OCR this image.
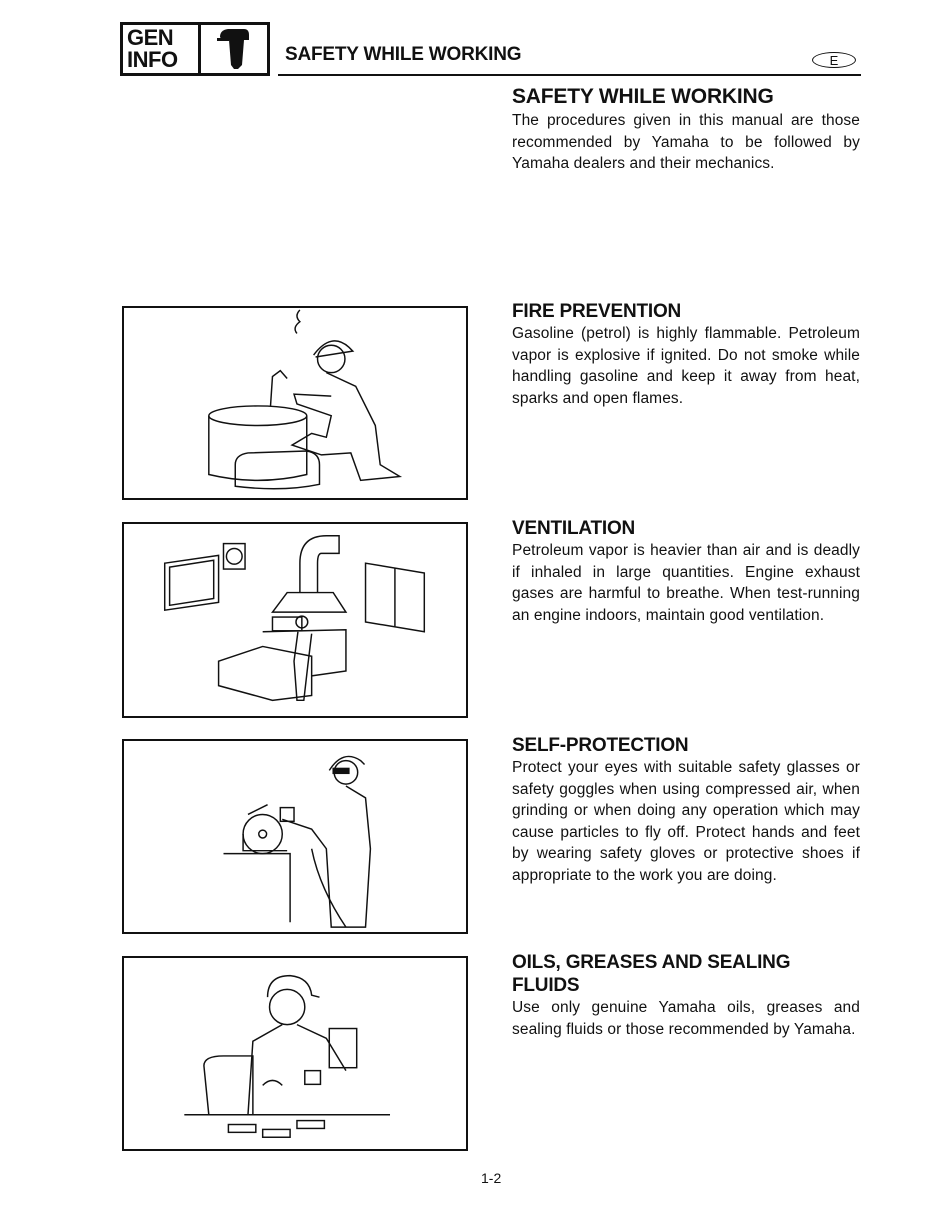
GEN
INFO	SAFETY WHILE WORKING	E
SAFETY WHILE WORKING

The procedures given in this manual are those recommended by Yamaha to be followed by Yamaha dealers and their mechanics.

FIRE PREVENTION

Gasoline (petrol) is highly flammable. Petroleum vapor is explosive if ignited. Do not smoke while handling gasoline and keep it away from heat, sparks and open flames.

VENTILATION

Petroleum vapor is heavier than air and is deadly if inhaled in large quantities. Engine exhaust gases are harmful to breathe. When test-running an engine indoors, maintain good ventilation.

SELF-PROTECTION

Protect your eyes with suitable safety glasses or safety goggles when using compressed air, when grinding or when doing any operation which may cause particles to fly off. Protect hands and feet by wearing safety gloves or protective shoes if appropriate to the work you are doing.

OILS, GREASES AND SEALING FLUIDS

Use only genuine Yamaha oils, greases and sealing fluids or those recommended by Yamaha.

1-2
